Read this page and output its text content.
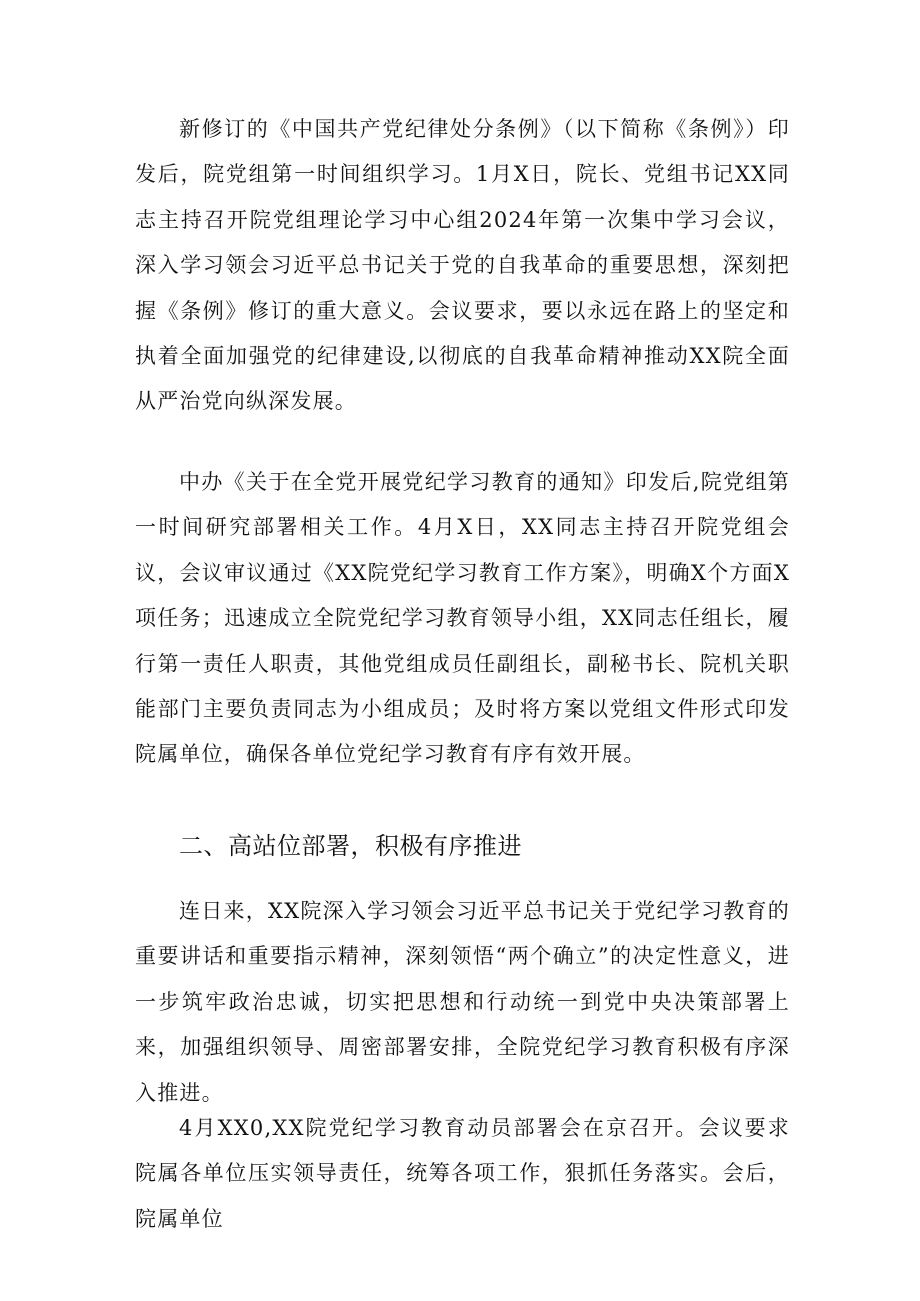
新修订的《中国共产党纪律处分条例》（以下简称《条例》）印发后，院党组第一时间组织学习。1月X日，院长、党组书记XX同志主持召开院党组理论学习中心组2024年第一次集中学习会议，深入学习领会习近平总书记关于党的自我革命的重要思想，深刻把握《条例》修订的重大意义。会议要求，要以永远在路上的坚定和执着全面加强党的纪律建设,以彻底的自我革命精神推动XX院全面从严治党向纵深发展。

中办《关于在全党开展党纪学习教育的通知》印发后,院党组第一时间研究部署相关工作。4月X日，XX同志主持召开院党组会议，会议审议通过《XX院党纪学习教育工作方案》，明确X个方面X项任务；迅速成立全院党纪学习教育领导小组，XX同志任组长，履行第一责任人职责，其他党组成员任副组长，副秘书长、院机关职能部门主要负责同志为小组成员；及时将方案以党组文件形式印发院属单位，确保各单位党纪学习教育有序有效开展。

二、高站位部署，积极有序推进

连日来，XX院深入学习领会习近平总书记关于党纪学习教育的重要讲话和重要指示精神，深刻领悟“两个确立”的决定性意义，进一步筑牢政治忠诚，切实把思想和行动统一到党中央决策部署上来，加强组织领导、周密部署安排，全院党纪学习教育积极有序深入推进。

4月XX0,XX院党纪学习教育动员部署会在京召开。会议要求院属各单位压实领导责任，统筹各项工作，狠抓任务落实。会后，院属单位
